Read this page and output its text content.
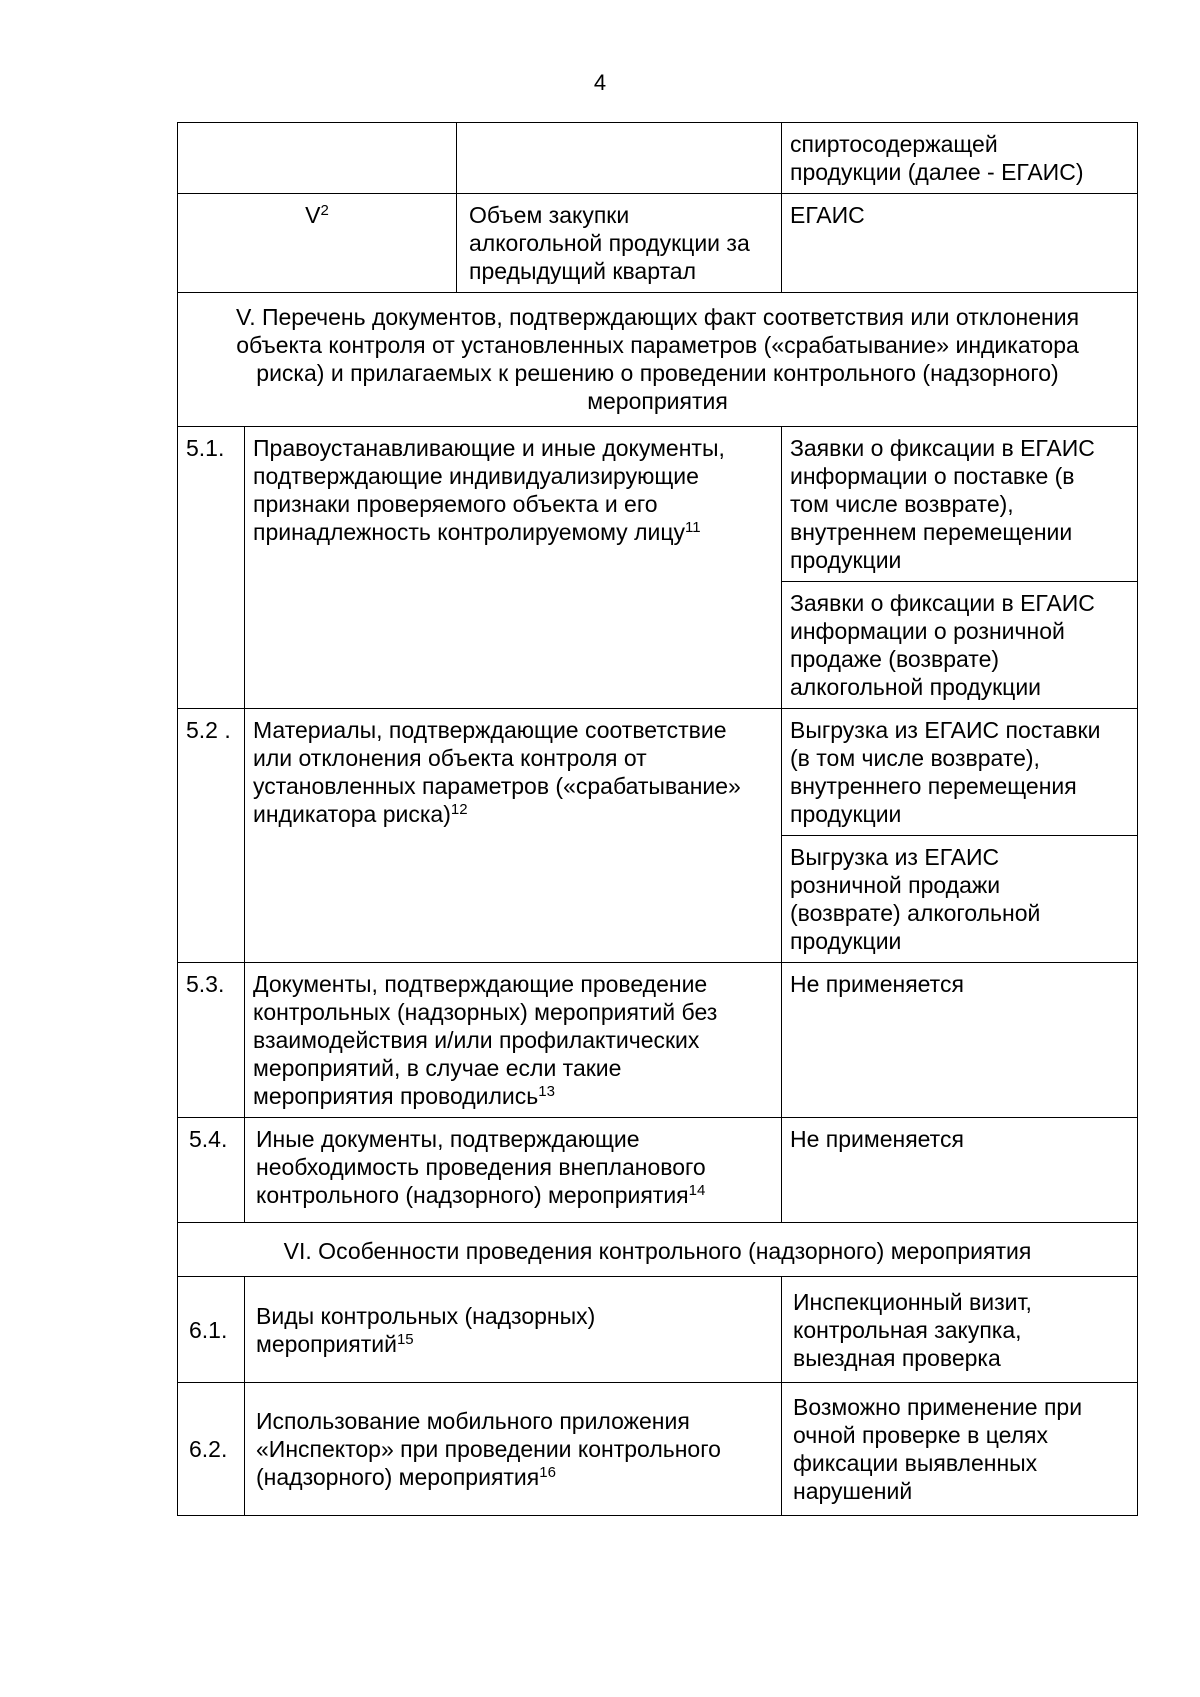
4
			спиртосодержащей
продукции (далее - ЕГАИС)
$V^2$		Объем закупки
алкогольной продукции за
предыдущий квартал	ЕГАИС
V. Перечень документов, подтверждающих факт соответствия или отклонения
объекта контроля от установленных параметров («срабатывание» индикатора
риска) и прилагаемых к решению о проведении контрольного (надзорного)
мероприятия			
5.1.	Правоустанавливающие и иные документы,
подтверждающие индивидуализирующие
признаки проверяемого объекта и его
принадлежность контролируемому лицу$^{11}$		Заявки о фиксации в ЕГАИС
информации о поставке (в
том числе возврате),
внутреннем перемещении
продукции
			Заявки о фиксации в ЕГАИС
информации о розничной
продаже (возврате)
алкогольной продукции
5.2 .	Материалы, подтверждающие соответствие
или отклонения объекта контроля от
установленных параметров («срабатывание»
индикатора риска)$^{12}$		Выгрузка из ЕГАИС поставки
(в том числе возврате),
внутреннего перемещения
продукции
			Выгрузка из ЕГАИС
розничной продажи
(возврате) алкогольной
продукции
5.3.	Документы, подтверждающие проведение
контрольных (надзорных) мероприятий без
взаимодействия и/или профилактических
мероприятий, в случае если такие
мероприятия проводились$^{13}$		Не применяется
5.4.	Иные документы, подтверждающие
необходимость проведения внепланового
контрольного (надзорного) мероприятия$^{14}$		Не применяется
VI. Особенности проведения контрольного (надзорного) мероприятия			
6.1.	Виды контрольных (надзорных)
мероприятий$^{15}$		Инспекционный визит,
контрольная закупка,
выездная проверка
6.2.	Использование мобильного приложения
«Инспектор» при проведении контрольного
(надзорного) мероприятия$^{16}$		Возможно применение при
очной проверке в целях
фиксации выявленных
нарушений
